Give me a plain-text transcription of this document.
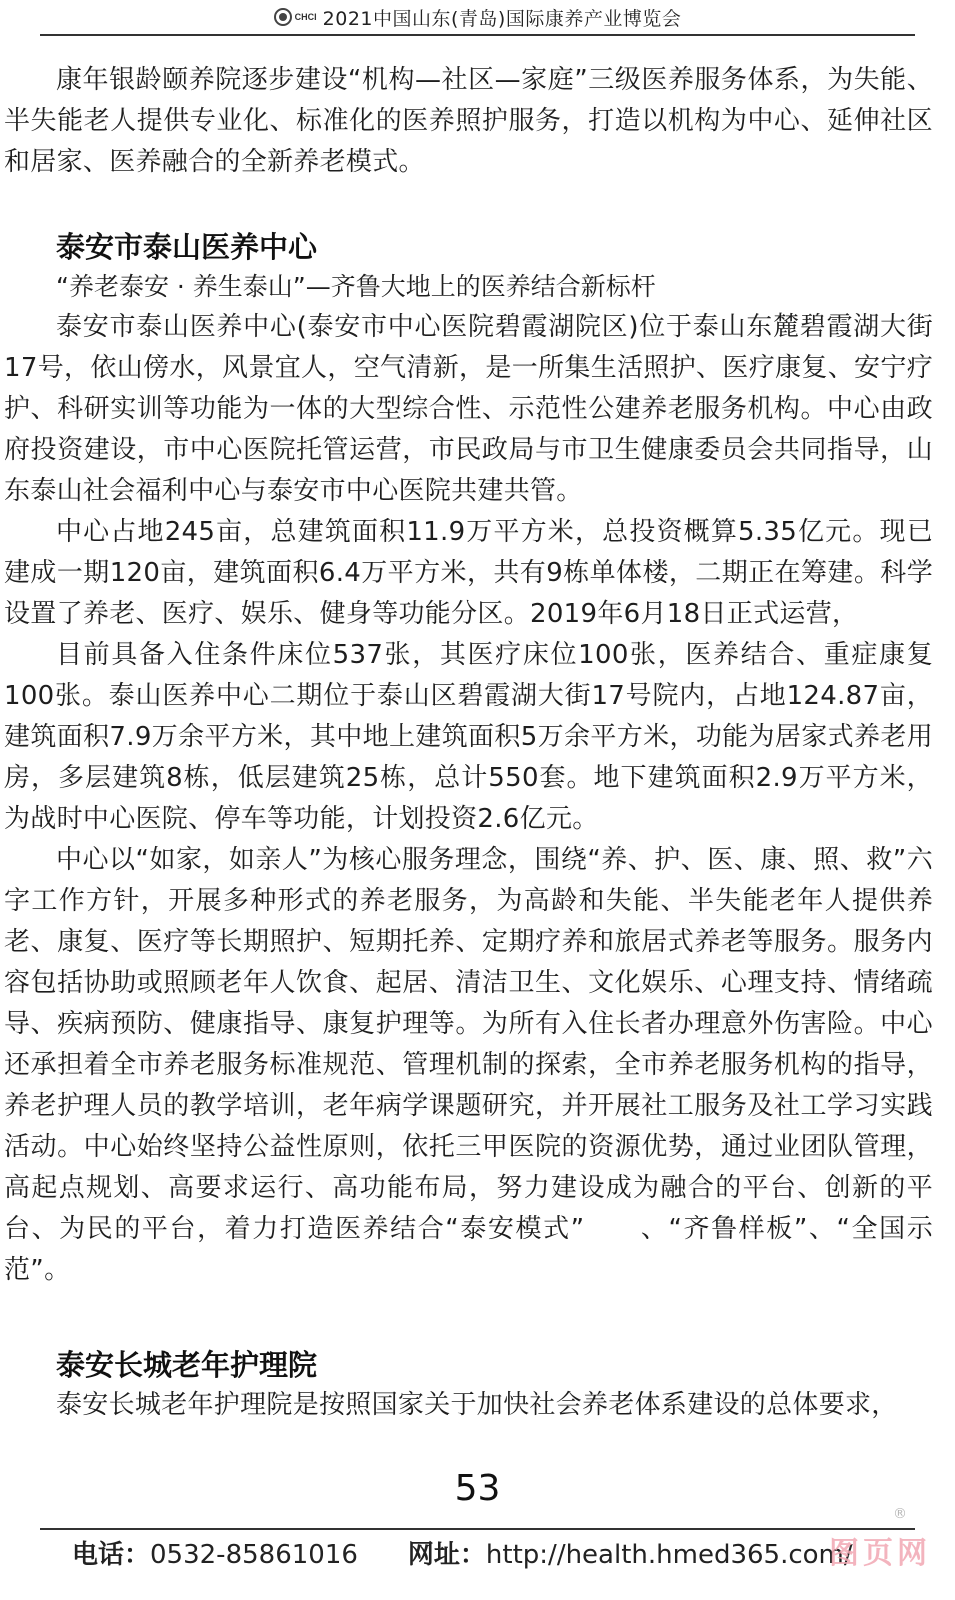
CHCI 2021中国山东(青岛)国际康养产业博览会

康年银龄颐养院逐步建设“机构—社区—家庭”三级医养服务体系，为失能、半失能老人提供专业化、标准化的医养照护服务，打造以机构为中心、延伸社区和居家、医养融合的全新养老模式。

泰安市泰山医养中心

“养老泰安 · 养生泰山”—齐鲁大地上的医养结合新标杆

泰安市泰山医养中心(泰安市中心医院碧霞湖院区)位于泰山东麓碧霞湖大街17号，依山傍水，风景宜人，空气清新，是一所集生活照护、医疗康复、安宁疗护、科研实训等功能为一体的大型综合性、示范性公建养老服务机构。中心由政府投资建设，市中心医院托管运营，市民政局与市卫生健康委员会共同指导，山东泰山社会福利中心与泰安市中心医院共建共管。

中心占地245亩，总建筑面积11.9万平方米，总投资概算5.35亿元。现已建成一期120亩，建筑面积6.4万平方米，共有9栋单体楼，二期正在筹建。科学设置了养老、医疗、娱乐、健身等功能分区。2019年6月18日正式运营，

目前具备入住条件床位537张，其医疗床位100张，医养结合、重症康复100张。泰山医养中心二期位于泰山区碧霞湖大街17号院内，占地124.87亩，建筑面积7.9万余平方米，其中地上建筑面积5万余平方米，功能为居家式养老用房，多层建筑8栋，低层建筑25栋，总计550套。地下建筑面积2.9万平方米，为战时中心医院、停车等功能，计划投资2.6亿元。

中心以“如家，如亲人”为核心服务理念，围绕“养、护、医、康、照、救”六字工作方针，开展多种形式的养老服务，为高龄和失能、半失能老年人提供养老、康复、医疗等长期照护、短期托养、定期疗养和旅居式养老等服务。服务内容包括协助或照顾老年人饮食、起居、清洁卫生、文化娱乐、心理支持、情绪疏导、疾病预防、健康指导、康复护理等。为所有入住长者办理意外伤害险。中心还承担着全市养老服务标准规范、管理机制的探索，全市养老服务机构的指导，养老护理人员的教学培训，老年病学课题研究，并开展社工服务及社工学习实践活动。中心始终坚持公益性原则，依托三甲医院的资源优势，通过业团队管理，高起点规划、高要求运行、高功能布局，努力建设成为融合的平台、创新的平台、为民的平台，着力打造医养结合“泰安模式”　　、“齐鲁样板”、“全国示范”。

泰安长城老年护理院

泰安长城老年护理院是按照国家关于加快社会养老体系建设的总体要求，

53
电话：0532-85861016 网址：http://health.hmed365.com/
®
图页网
